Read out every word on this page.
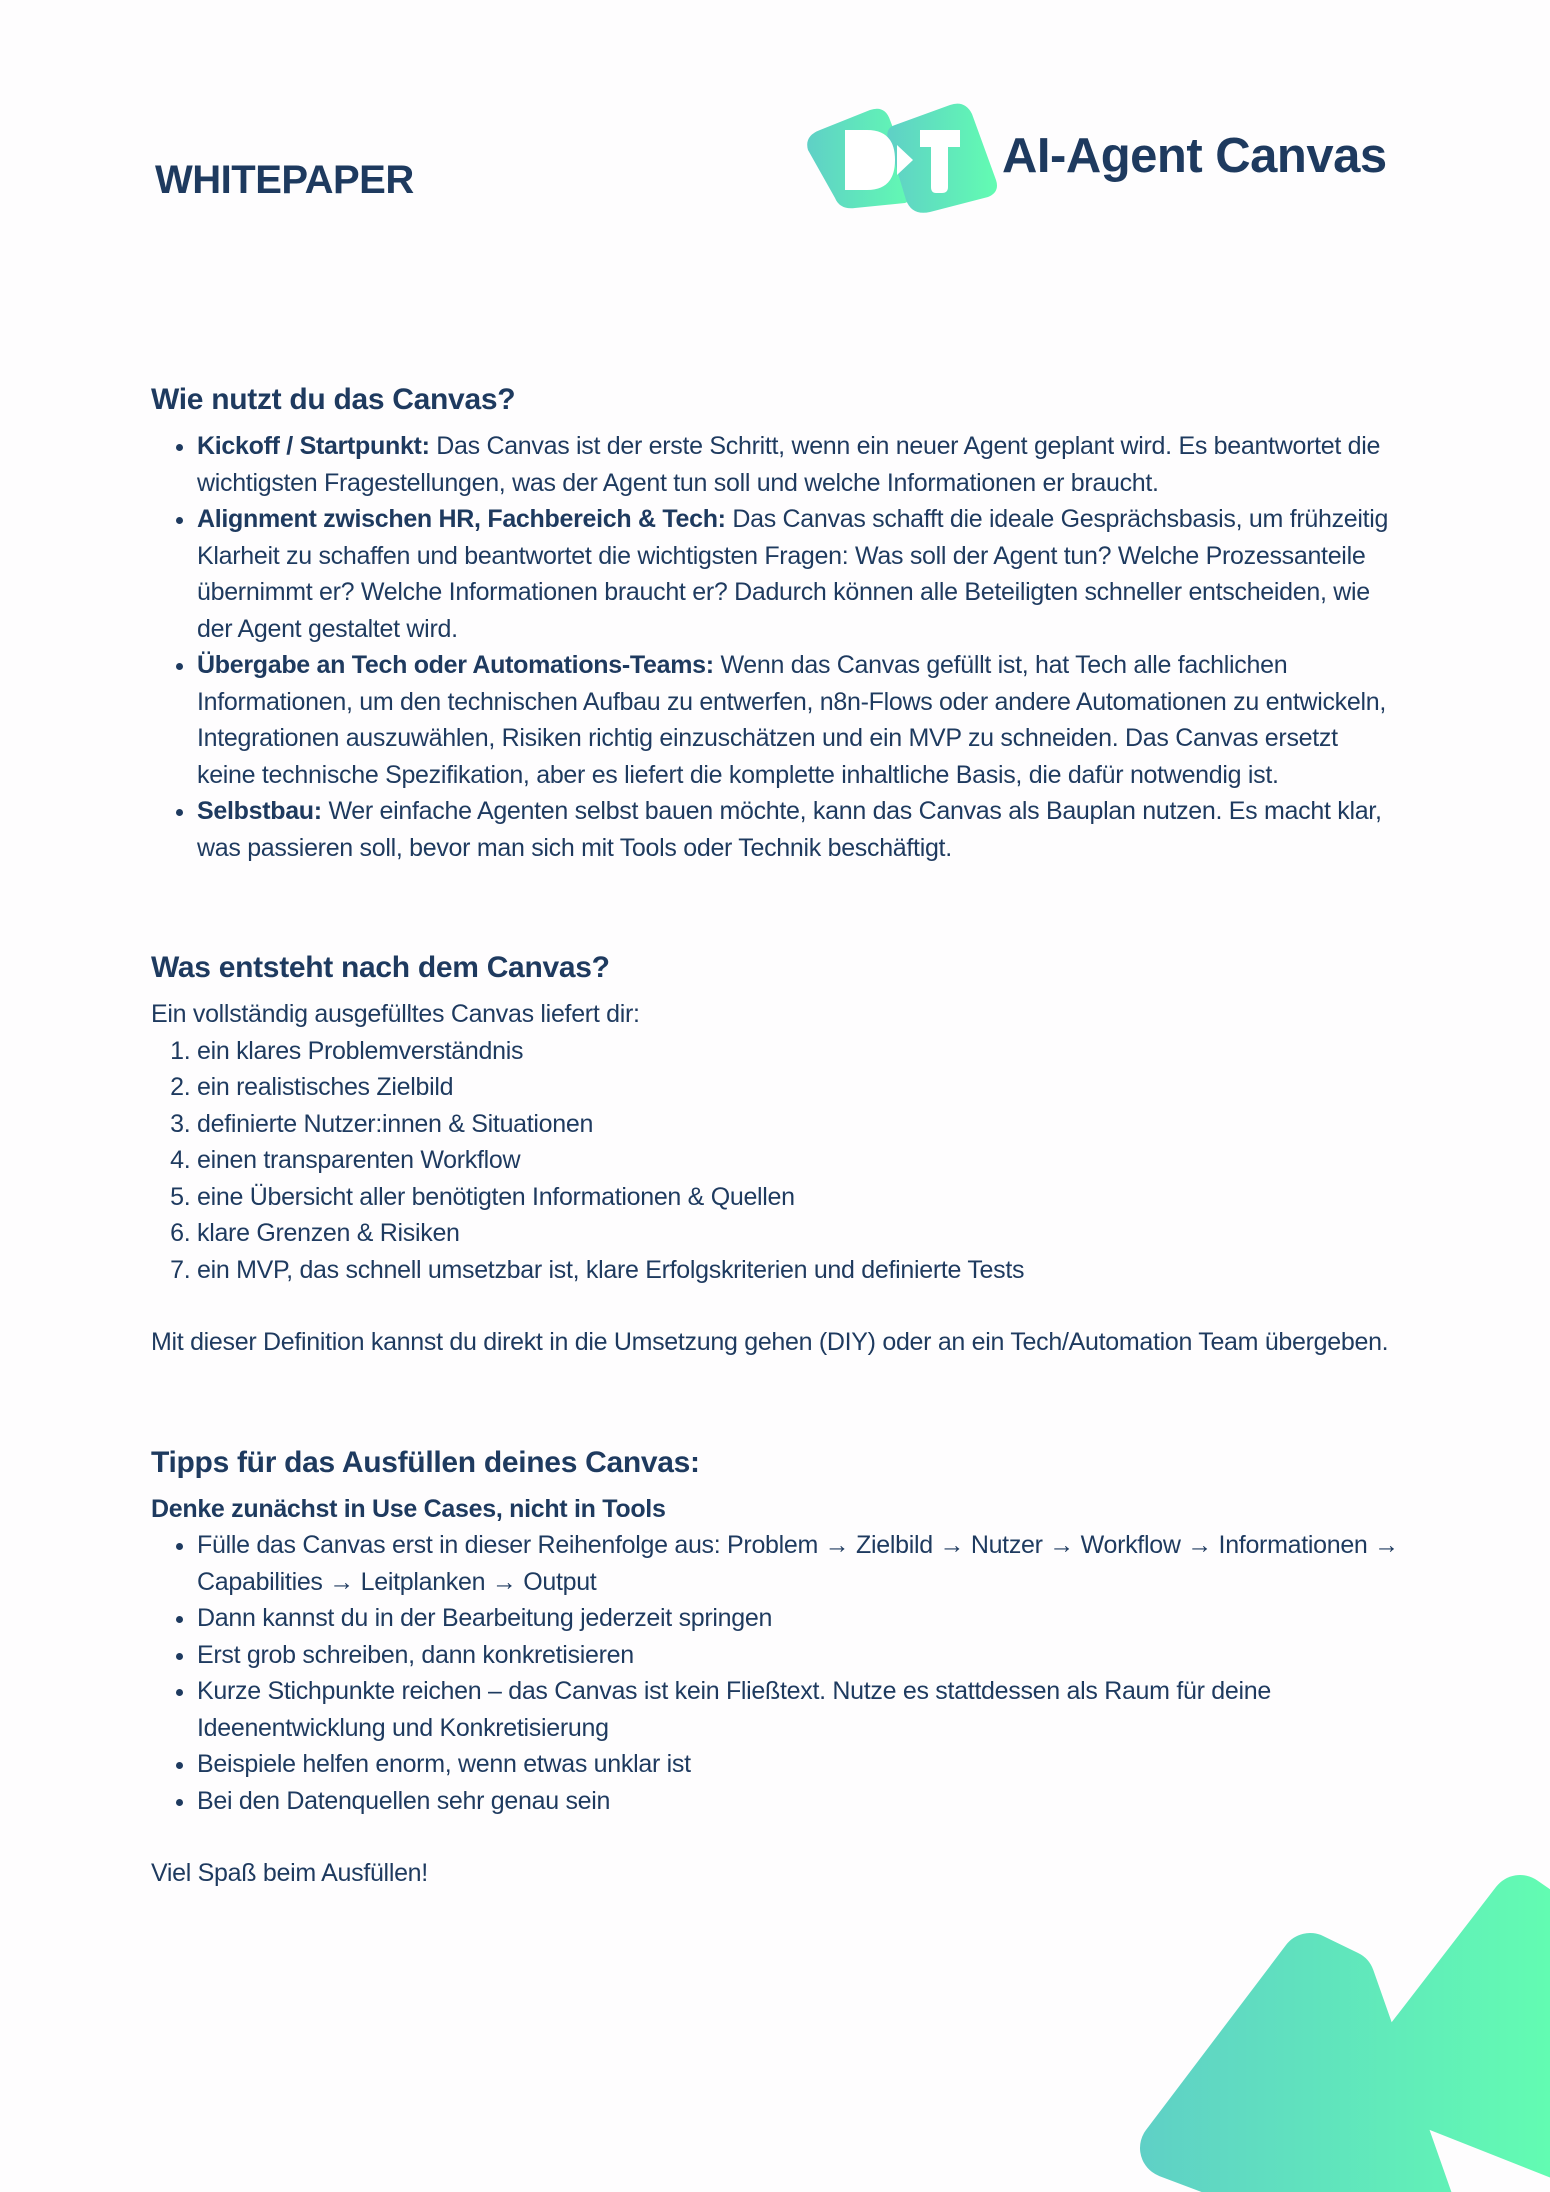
WHITEPAPER	AI-Agent Canvas
Wie nutzt du das Canvas?
• Kickoff / Startpunkt: Das Canvas ist der erste Schritt, wenn ein neuer Agent geplant wird. Es beantwortet die wichtigsten Fragestellungen, was der Agent tun soll und welche Informationen er braucht.
• Alignment zwischen HR, Fachbereich & Tech: Das Canvas schafft die ideale Gesprächsbasis, um frühzeitig Klarheit zu schaffen und beantwortet die wichtigsten Fragen: Was soll der Agent tun? Welche Prozessanteile übernimmt er? Welche Informationen braucht er? Dadurch können alle Beteiligten schneller entscheiden, wie der Agent gestaltet wird.
• Übergabe an Tech oder Automations-Teams: Wenn das Canvas gefüllt ist, hat Tech alle fachlichen Informationen, um den technischen Aufbau zu entwerfen, n8n-Flows oder andere Automationen zu entwickeln, Integrationen auszuwählen, Risiken richtig einzuschätzen und ein MVP zu schneiden. Das Canvas ersetzt keine technische Spezifikation, aber es liefert die komplette inhaltliche Basis, die dafür notwendig ist.
• Selbstbau: Wer einfache Agenten selbst bauen möchte, kann das Canvas als Bauplan nutzen. Es macht klar, was passieren soll, bevor man sich mit Tools oder Technik beschäftigt.
Was entsteht nach dem Canvas?

Ein vollständig ausgefülltes Canvas liefert dir:

1. ein klares Problemverständnis
2. ein realistisches Zielbild
3. definierte Nutzer:innen & Situationen
4. einen transparenten Workflow
5. eine Übersicht aller benötigten Informationen & Quellen
6. klare Grenzen & Risiken
7. ein MVP, das schnell umsetzbar ist, klare Erfolgskriterien und definierte Tests

Mit dieser Definition kannst du direkt in die Umsetzung gehen (DIY) oder an ein Tech/Automation Team übergeben.

Tipps für das Ausfüllen deines Canvas:
Denke zunächst in Use Cases, nicht in Tools
• Fülle das Canvas erst in dieser Reihenfolge aus: Problem → Zielbild → Nutzer → Workflow → Informationen → Capabilities → Leitplanken → Output
• Dann kannst du in der Bearbeitung jederzeit springen
• Erst grob schreiben, dann konkretisieren
• Kurze Stichpunkte reichen – das Canvas ist kein Fließtext. Nutze es stattdessen als Raum für deine Ideenentwicklung und Konkretisierung
• Beispiele helfen enorm, wenn etwas unklar ist
• Bei den Datenquellen sehr genau sein

Viel Spaß beim Ausfüllen!
